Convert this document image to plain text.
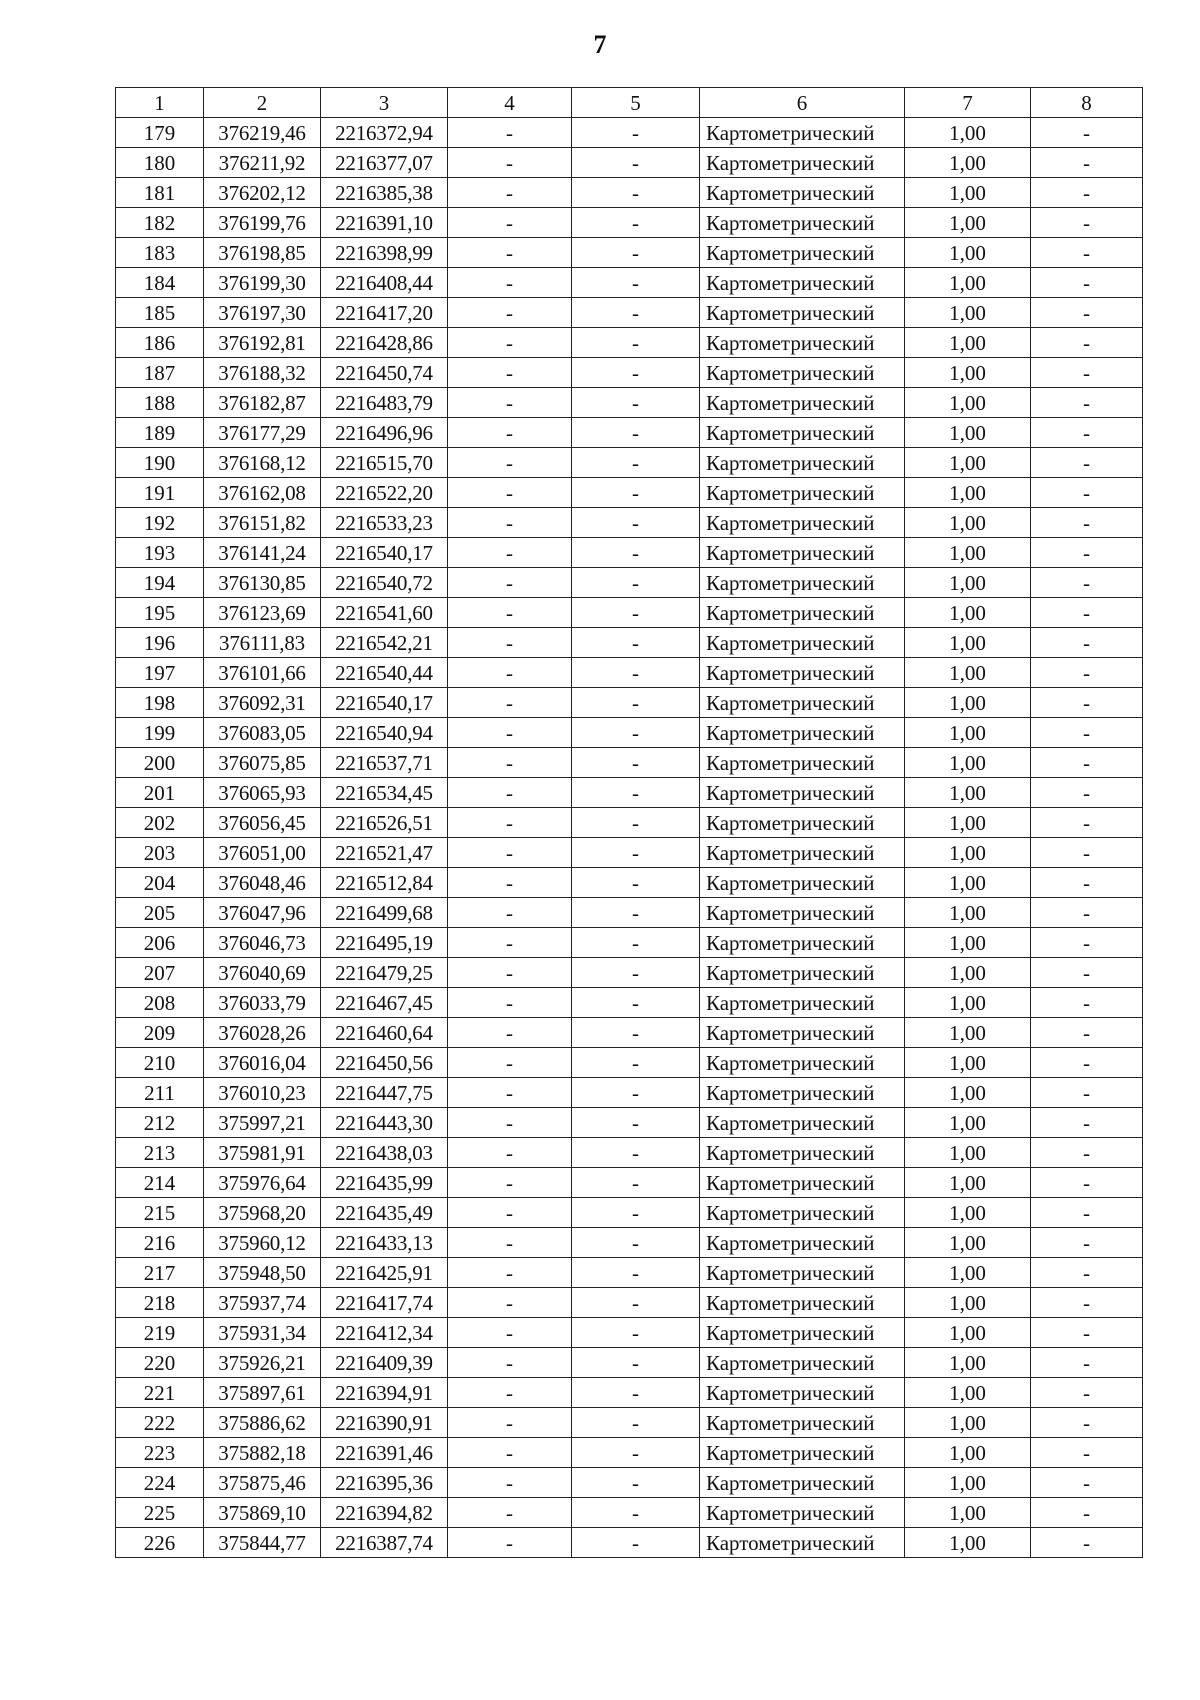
7
1	2	3	4	5	6	7	8
179	376219,46	2216372,94	-	-	Картометрический	1,00	-
180	376211,92	2216377,07	-	-	Картометрический	1,00	-
181	376202,12	2216385,38	-	-	Картометрический	1,00	-
182	376199,76	2216391,10	-	-	Картометрический	1,00	-
183	376198,85	2216398,99	-	-	Картометрический	1,00	-
184	376199,30	2216408,44	-	-	Картометрический	1,00	-
185	376197,30	2216417,20	-	-	Картометрический	1,00	-
186	376192,81	2216428,86	-	-	Картометрический	1,00	-
187	376188,32	2216450,74	-	-	Картометрический	1,00	-
188	376182,87	2216483,79	-	-	Картометрический	1,00	-
189	376177,29	2216496,96	-	-	Картометрический	1,00	-
190	376168,12	2216515,70	-	-	Картометрический	1,00	-
191	376162,08	2216522,20	-	-	Картометрический	1,00	-
192	376151,82	2216533,23	-	-	Картометрический	1,00	-
193	376141,24	2216540,17	-	-	Картометрический	1,00	-
194	376130,85	2216540,72	-	-	Картометрический	1,00	-
195	376123,69	2216541,60	-	-	Картометрический	1,00	-
196	376111,83	2216542,21	-	-	Картометрический	1,00	-
197	376101,66	2216540,44	-	-	Картометрический	1,00	-
198	376092,31	2216540,17	-	-	Картометрический	1,00	-
199	376083,05	2216540,94	-	-	Картометрический	1,00	-
200	376075,85	2216537,71	-	-	Картометрический	1,00	-
201	376065,93	2216534,45	-	-	Картометрический	1,00	-
202	376056,45	2216526,51	-	-	Картометрический	1,00	-
203	376051,00	2216521,47	-	-	Картометрический	1,00	-
204	376048,46	2216512,84	-	-	Картометрический	1,00	-
205	376047,96	2216499,68	-	-	Картометрический	1,00	-
206	376046,73	2216495,19	-	-	Картометрический	1,00	-
207	376040,69	2216479,25	-	-	Картометрический	1,00	-
208	376033,79	2216467,45	-	-	Картометрический	1,00	-
209	376028,26	2216460,64	-	-	Картометрический	1,00	-
210	376016,04	2216450,56	-	-	Картометрический	1,00	-
211	376010,23	2216447,75	-	-	Картометрический	1,00	-
212	375997,21	2216443,30	-	-	Картометрический	1,00	-
213	375981,91	2216438,03	-	-	Картометрический	1,00	-
214	375976,64	2216435,99	-	-	Картометрический	1,00	-
215	375968,20	2216435,49	-	-	Картометрический	1,00	-
216	375960,12	2216433,13	-	-	Картометрический	1,00	-
217	375948,50	2216425,91	-	-	Картометрический	1,00	-
218	375937,74	2216417,74	-	-	Картометрический	1,00	-
219	375931,34	2216412,34	-	-	Картометрический	1,00	-
220	375926,21	2216409,39	-	-	Картометрический	1,00	-
221	375897,61	2216394,91	-	-	Картометрический	1,00	-
222	375886,62	2216390,91	-	-	Картометрический	1,00	-
223	375882,18	2216391,46	-	-	Картометрический	1,00	-
224	375875,46	2216395,36	-	-	Картометрический	1,00	-
225	375869,10	2216394,82	-	-	Картометрический	1,00	-
226	375844,77	2216387,74	-	-	Картометрический	1,00	-
